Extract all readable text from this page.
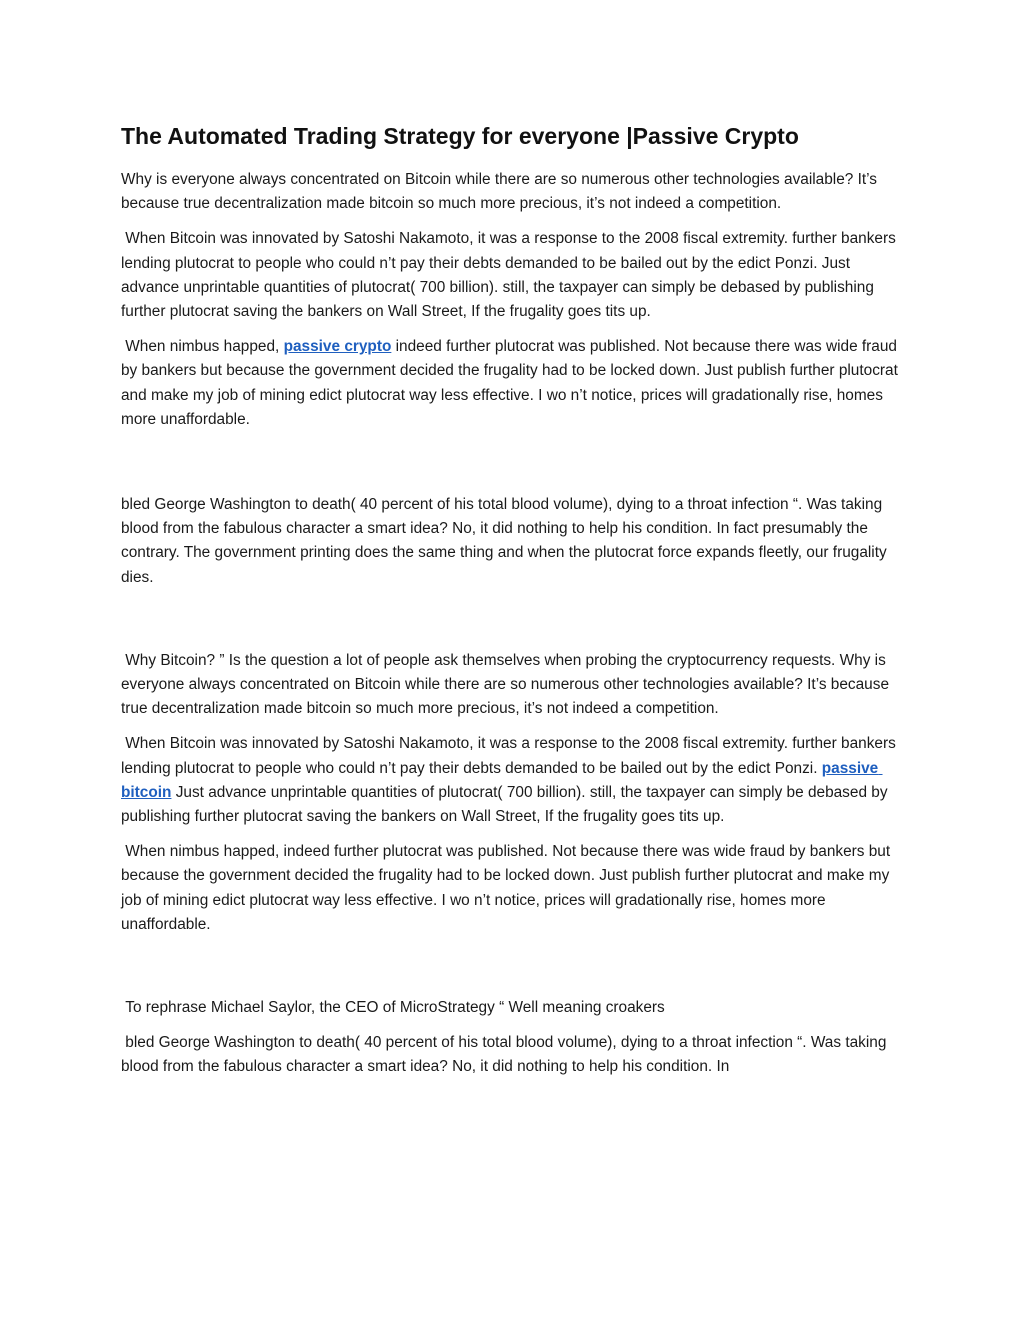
The Automated Trading Strategy for everyone |Passive Crypto

Why is everyone always concentrated on Bitcoin while there are so numerous other technologies available? It’s because true decentralization made bitcoin so much more precious, it’s not indeed a competition.

When Bitcoin was innovated by Satoshi Nakamoto, it was a response to the 2008 fiscal extremity. further bankers lending plutocrat to people who could n’t pay their debts demanded to be bailed out by the edict Ponzi. Just advance unprintable quantities of plutocrat( 700 billion). still, the taxpayer can simply be debased by publishing further plutocrat saving the bankers on Wall Street, If the frugality goes tits up.

When nimbus happed, passive crypto indeed further plutocrat was published. Not because there was wide fraud by bankers but because the government decided the frugality had to be locked down. Just publish further plutocrat and make my job of mining edict plutocrat way less effective. I wo n’t notice, prices will gradationally rise, homes more unaffordable.

bled George Washington to death( 40 percent of his total blood volume), dying to a throat infection “. Was taking blood from the fabulous character a smart idea? No, it did nothing to help his condition. In fact presumably the contrary. The government printing does the same thing and when the plutocrat force expands fleetly, our frugality dies.

Why Bitcoin? ” Is the question a lot of people ask themselves when probing the cryptocurrency requests. Why is everyone always concentrated on Bitcoin while there are so numerous other technologies available? It’s because true decentralization made bitcoin so much more precious, it’s not indeed a competition.

When Bitcoin was innovated by Satoshi Nakamoto, it was a response to the 2008 fiscal extremity. further bankers lending plutocrat to people who could n’t pay their debts demanded to be bailed out by the edict Ponzi. passive bitcoin Just advance unprintable quantities of plutocrat( 700 billion). still, the taxpayer can simply be debased by publishing further plutocrat saving the bankers on Wall Street, If the frugality goes tits up.

When nimbus happed, indeed further plutocrat was published. Not because there was wide fraud by bankers but because the government decided the frugality had to be locked down. Just publish further plutocrat and make my job of mining edict plutocrat way less effective. I wo n’t notice, prices will gradationally rise, homes more unaffordable.

To rephrase Michael Saylor, the CEO of MicroStrategy “ Well meaning croakers

bled George Washington to death( 40 percent of his total blood volume), dying to a throat infection “. Was taking blood from the fabulous character a smart idea? No, it did nothing to help his condition. In
